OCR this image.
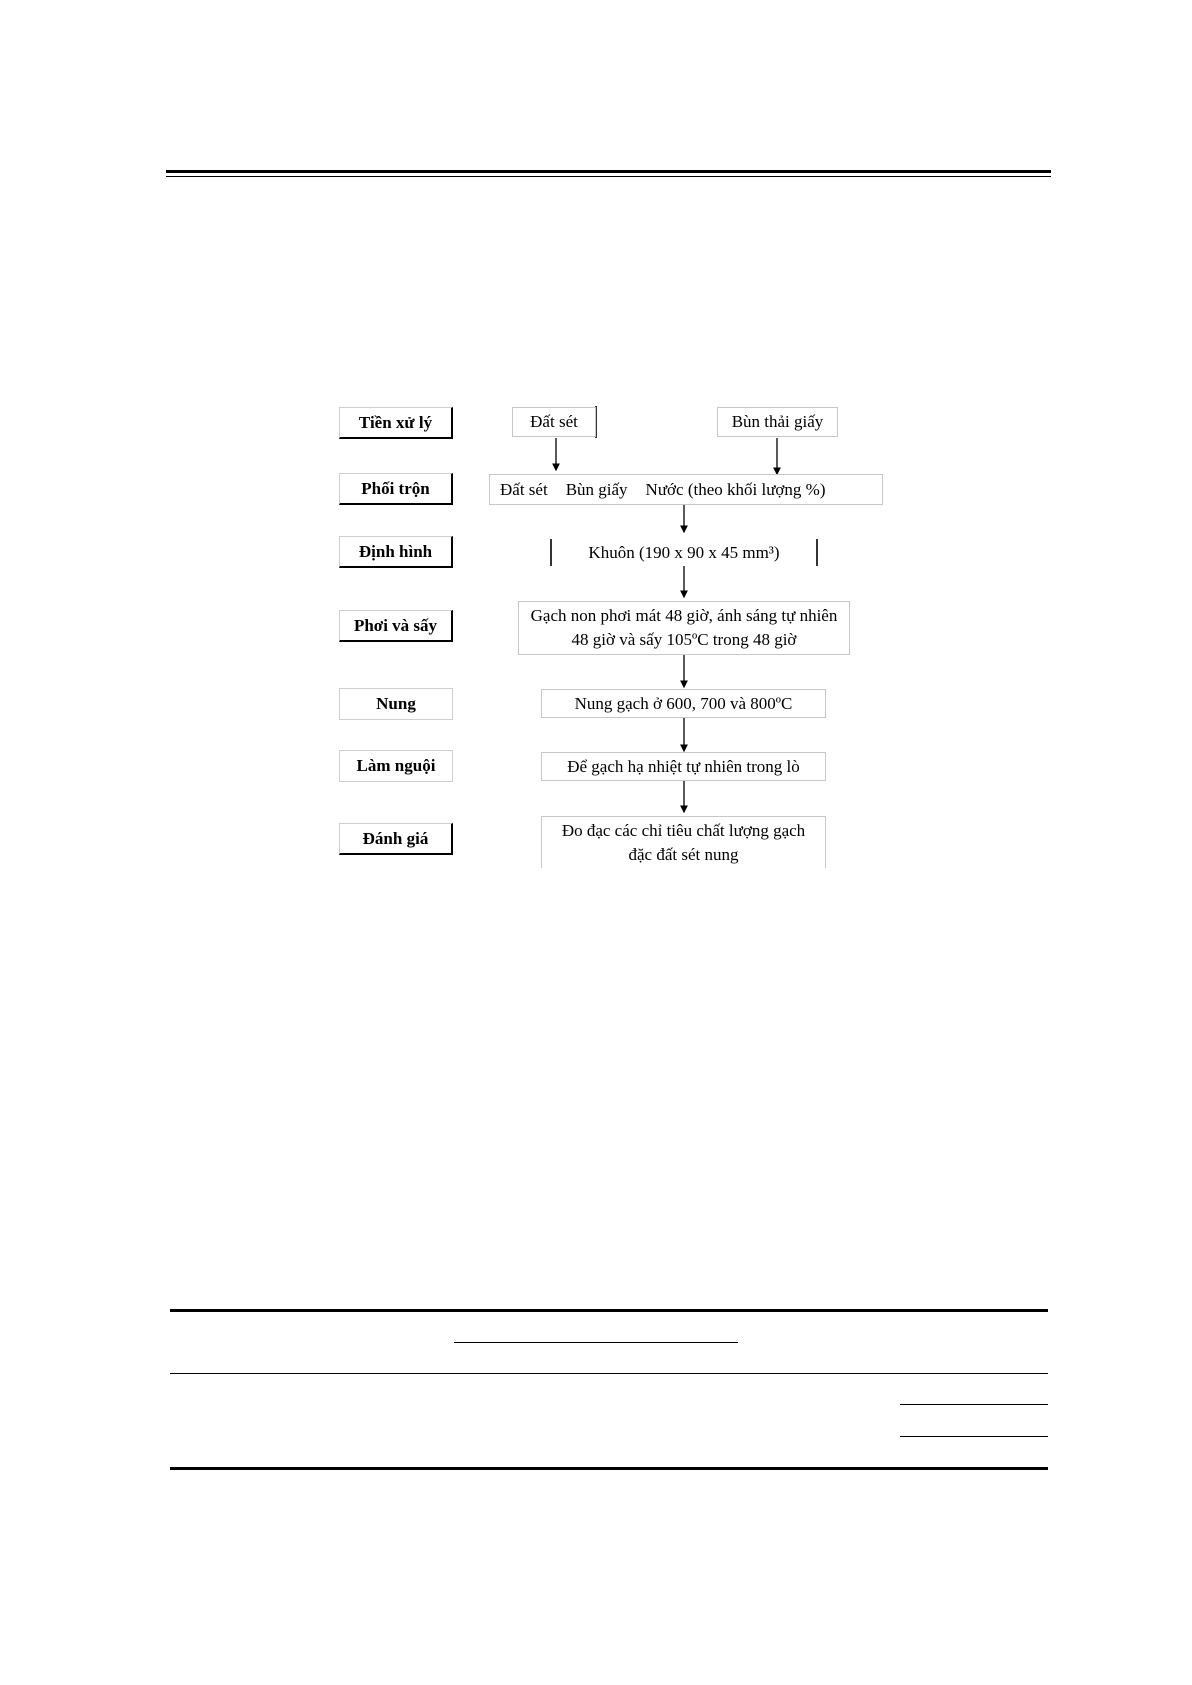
Tiền xử lý
Phối trộn
Định hình
Phơi và sấy
Nung
Làm nguội
Đánh giá
Đất sét	Bùn thải giấy
Đất sét Bùn giấy Nước (theo khối lượng %)
Khuôn (190 x 90 x 45 mm³)
Gạch non phơi mát 48 giờ, ánh sáng tự nhiên 48 giờ và sấy 105ºC trong 48 giờ
Nung gạch ở 600, 700 và 800ºC
Để gạch hạ nhiệt tự nhiên trong lò
Đo đạc các chỉ tiêu chất lượng gạch đặc đất sét nung
